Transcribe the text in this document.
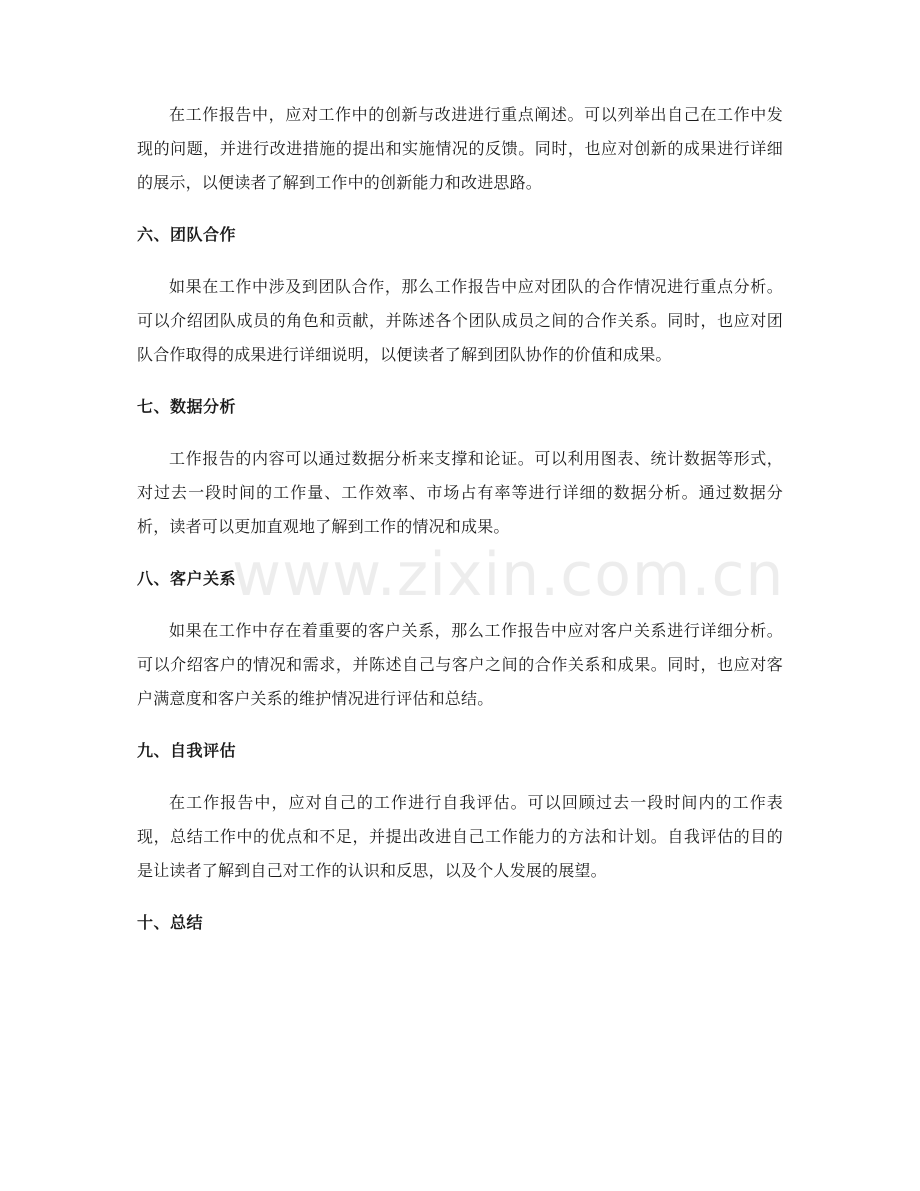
在工作报告中，应对工作中的创新与改进进行重点阐述。可以列举出自己在工作中发现的问题，并进行改进措施的提出和实施情况的反馈。同时，也应对创新的成果进行详细的展示，以便读者了解到工作中的创新能力和改进思路。

六、团队合作

如果在工作中涉及到团队合作，那么工作报告中应对团队的合作情况进行重点分析。可以介绍团队成员的角色和贡献，并陈述各个团队成员之间的合作关系。同时，也应对团队合作取得的成果进行详细说明，以便读者了解到团队协作的价值和成果。

七、数据分析

工作报告的内容可以通过数据分析来支撑和论证。可以利用图表、统计数据等形式，对过去一段时间的工作量、工作效率、市场占有率等进行详细的数据分析。通过数据分析，读者可以更加直观地了解到工作的情况和成果。

八、客户关系

如果在工作中存在着重要的客户关系，那么工作报告中应对客户关系进行详细分析。可以介绍客户的情况和需求，并陈述自己与客户之间的合作关系和成果。同时，也应对客户满意度和客户关系的维护情况进行评估和总结。

九、自我评估

在工作报告中，应对自己的工作进行自我评估。可以回顾过去一段时间内的工作表现，总结工作中的优点和不足，并提出改进自己工作能力的方法和计划。自我评估的目的是让读者了解到自己对工作的认识和反思，以及个人发展的展望。

十、总结
www.zixin.com.cn
